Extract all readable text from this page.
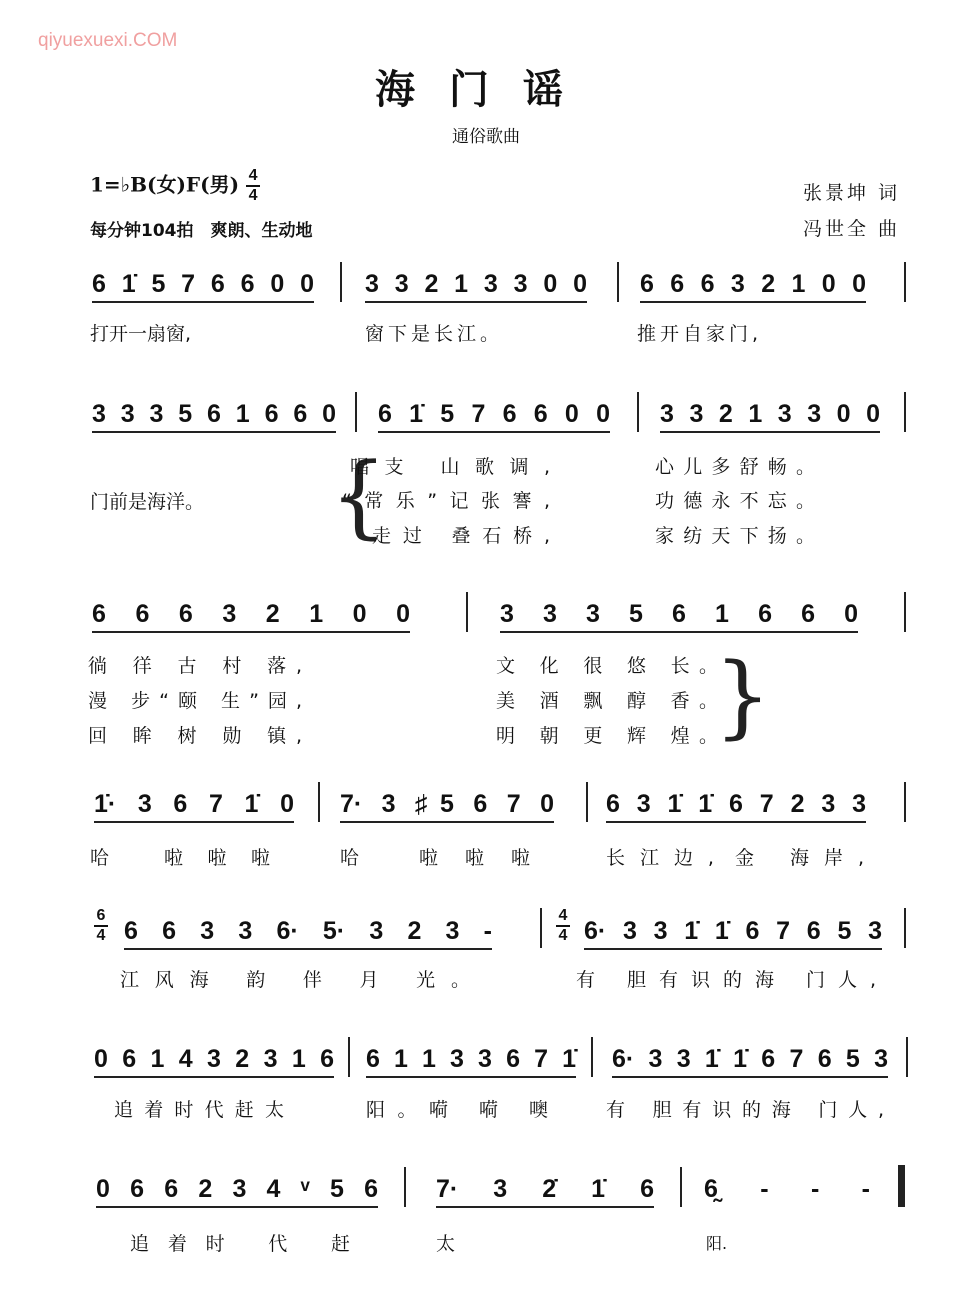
qiyuexuexi.COM
海门谣
通俗歌曲
1=♭B(女)F(男) $\frac{4}{4}$
每分钟104拍　爽朗、生动地
张景坤 词
冯世全 曲
6 1̇ 5 7 6 6 0 0 3 3 2 1 3 3 0 0 6 6 6 3 2 1 0 0
打开一扇窗,	窗下是长江。	推开自家门,
3 3 3 5 6 1 6 6 0 6 1̇ 5 7 6 6 0 0 3 3 2 1 3 3 0 0
门前是海洋。 {
唱支 山歌调,	心儿多舒畅。
“常乐”记张謇,	功德永不忘。
走过 叠石桥,	家纺天下扬。
6 6 6 3 2 1 0 0	3 3 3 5 6 1 6 6 0
徜 徉 古 村 落,	文 化 很 悠 长。
漫 步“颐 生”园,	美 酒 飘 醇 香。
回 眸 树 勋 镇,	明 朝 更 辉 煌。
}
1̇· 3 6 7 1̇ 0 7· 3 ♯5 6 7 0 6 3 1̇ 1̇ 6 7 2 3 3
哈 啦啦啦	哈 啦啦啦	长江边, 金 海岸,
6
4 6 6 3 3 6· 5· 3 2 3 -
4
4 6· 3 3 1̇ 1̇ 6 7 6 5 3
江风海 韵 伴 月 光。	有 胆有识的海 门人,
0 6 1 4 3 2 3 1 6 6 1 1 3 3 6 7 1̇ 6· 3 3 1̇ 1̇ 6 7 6 5 3
追着时代赶太	阳。嗬 嗬 噢	有 胆有识的海 门人,
0 6 6 2 3 4 ᵛ 5 6 7· 3 2̇ 1̇ 6 6̰ - - -
追着时 代 赶	太	阳.
